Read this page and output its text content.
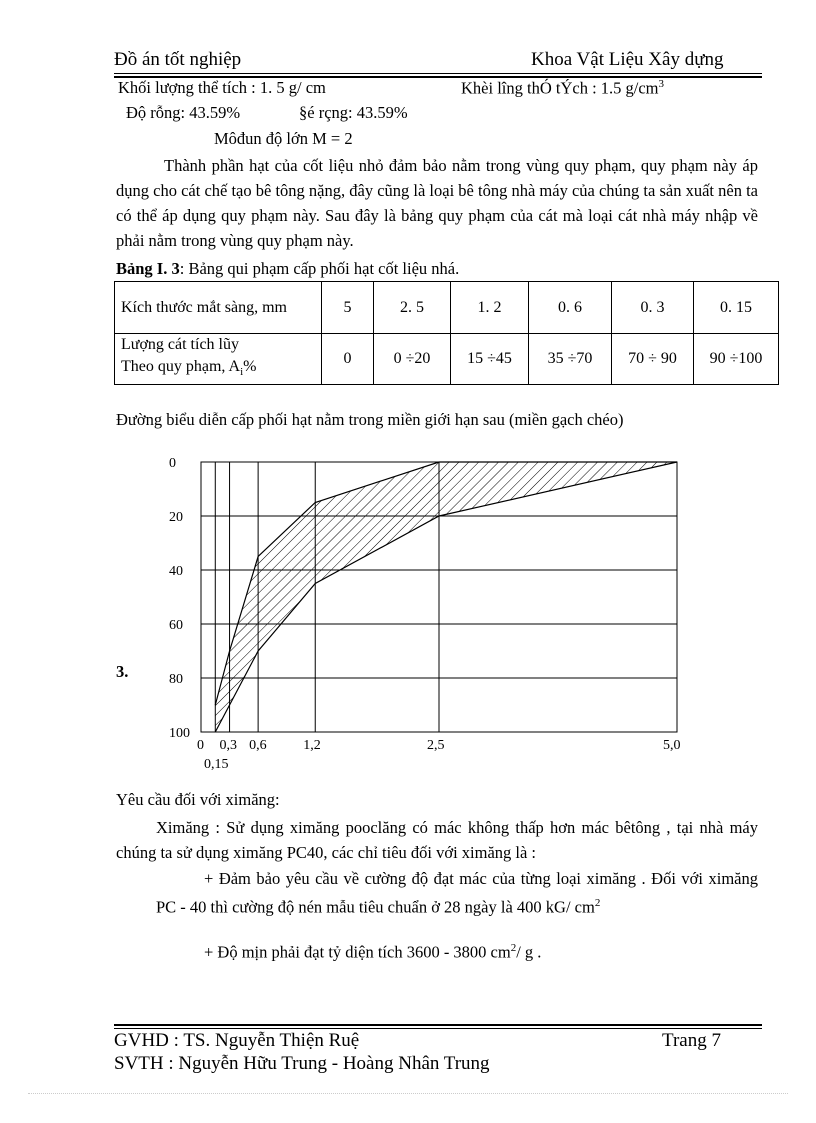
Đồ án tốt nghiệp	Khoa Vật Liệu Xây dựng
Khối lượng thể tích : 1. 5 g/ cm	Khèi lîng thÓ tÝch : 1.5 $g/cm^3$
Độ rỗng: 43.59%	§é rçng: 43.59%
Môđun độ lớn M = 2
Thành phần hạt của cốt liệu nhỏ đảm bảo nằm trong vùng quy phạm, quy phạm này áp dụng cho cát chế tạo bê tông nặng, đây cũng là loại bê tông nhà máy của chúng ta sản xuất nên ta có thể áp dụng quy phạm này. Sau đây là bảng quy phạm của cát mà loại cát nhà máy nhập về phải nằm trong vùng quy phạm này.
Bảng I. 3: Bảng qui phạm cấp phối hạt cốt liệu nhá.
Kích thước mắt sàng, mm	5	2. 5	1. 2	0. 6	0. 3	0. 15
Lượng cát tích lũy
Theo quy phạm, $A_i\%$	0	0 ÷20	15 ÷45	35 ÷70	70 ÷ 90	90 ÷100
Đường biểu diễn cấp phối hạt nằm trong miền giới hạn sau (miền gạch chéo)
3.
0
20
40
60
80
100
0 0,3 0,6	1,2	2,5	5,0
0,15
Yêu cầu đối với ximăng:
Ximăng : Sử dụng ximăng pooclăng có mác không thấp hơn mác bêtông , tại nhà máy chúng ta sử dụng ximăng PC40, các chỉ tiêu đối với ximăng là :
+ Đảm bảo yêu cầu về cường độ đạt mác của từng loại ximăng . Đối với ximăng PC - 40 thì cường độ nén mẫu tiêu chuẩn ở 28 ngày là 400 kG/ $cm^2$
+ Độ mịn phải đạt tỷ diện tích 3600 - 3800 $cm^2/$ g .
GVHD : TS. Nguyễn Thiện Ruệ	Trang 7
SVTH : Nguyễn Hữu Trung - Hoàng Nhân Trung
